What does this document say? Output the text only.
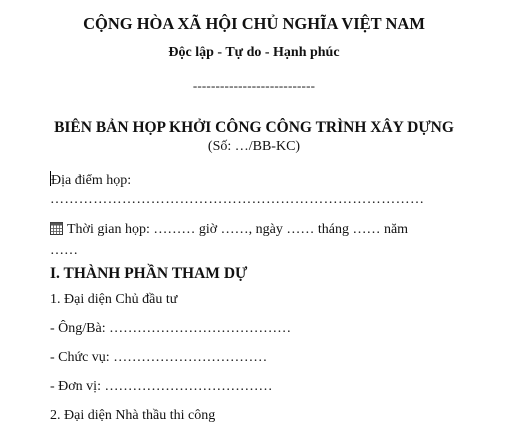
CỘNG HÒA XÃ HỘI CHỦ NGHĨA VIỆT NAM
Độc lập - Tự do - Hạnh phúc
---------------------------
BIÊN BẢN HỌP KHỞI CÔNG CÔNG TRÌNH XÂY DỰNG
(Số: …/BB-KC)
Địa điểm họp:
……………………………………………………………………
Thời gian họp: ……… giờ ……, ngày …… tháng …… năm
……
I. THÀNH PHẦN THAM DỰ
1. Đại diện Chủ đầu tư
- Ông/Bà: …………………………………
- Chức vụ: ……………………………
- Đơn vị: ………………………………
2. Đại diện Nhà thầu thi công
